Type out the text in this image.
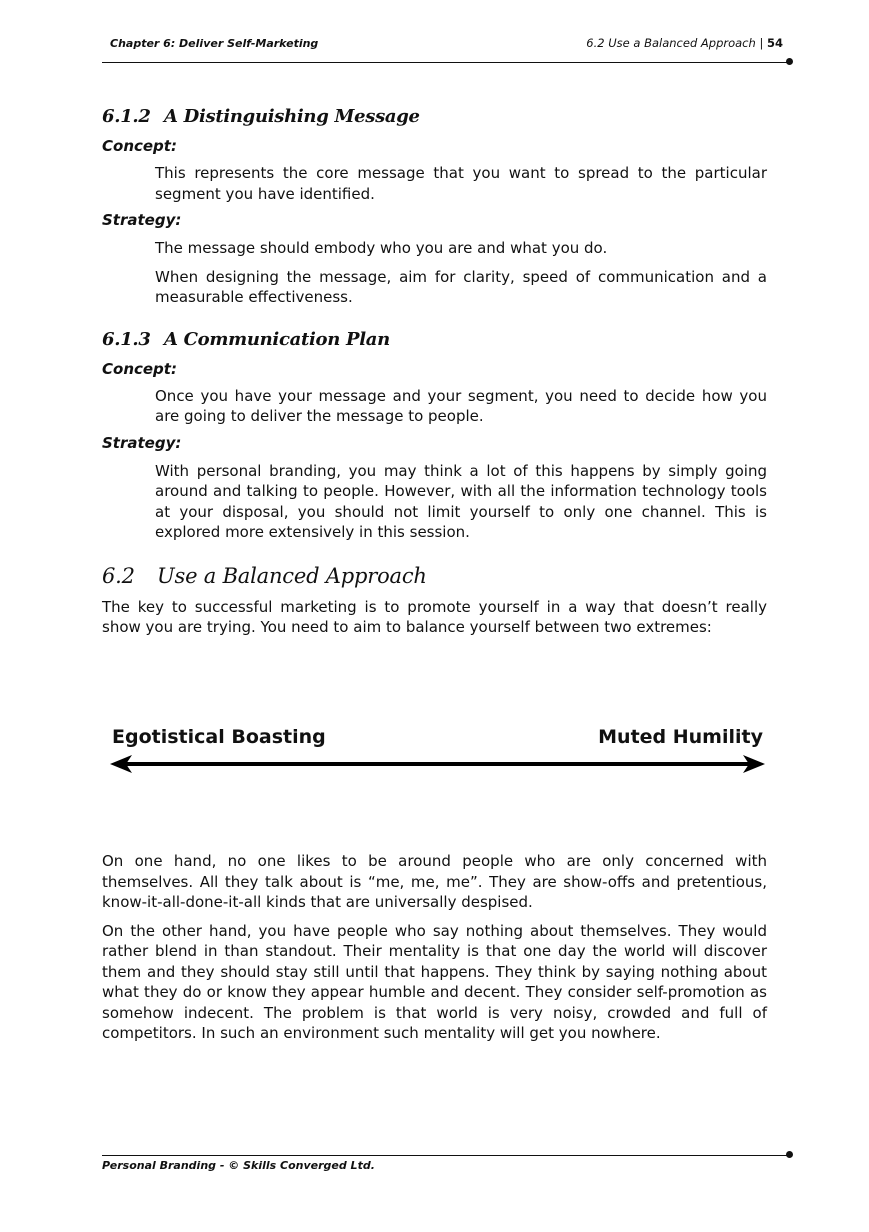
Chapter 6: Deliver Self-Marketing	6.2 Use a Balanced Approach | 54
6.1.2 A Distinguishing Message

Concept:

This represents the core message that you want to spread to the particular segment you have identified.

Strategy:

The message should embody who you are and what you do.

When designing the message, aim for clarity, speed of communication and a measurable effectiveness.

6.1.3 A Communication Plan

Concept:

Once you have your message and your segment, you need to decide how you are going to deliver the message to people.

Strategy:

With personal branding, you may think a lot of this happens by simply going around and talking to people. However, with all the information technology tools at your disposal, you should not limit yourself to only one channel. This is explored more extensively in this session.

6.2 Use a Balanced Approach

The key to successful marketing is to promote yourself in a way that doesn’t really show you are trying. You need to aim to balance yourself between two extremes:

Egotistical Boasting	Muted Humility

On one hand, no one likes to be around people who are only concerned with themselves. All they talk about is “me, me, me”. They are show-offs and pretentious, know-it-all-done-it-all kinds that are universally despised.

On the other hand, you have people who say nothing about themselves. They would rather blend in than standout. Their mentality is that one day the world will discover them and they should stay still until that happens. They think by saying nothing about what they do or know they appear humble and decent. They consider self-promotion as somehow indecent. The problem is that world is very noisy, crowded and full of competitors. In such an environment such mentality will get you nowhere.

Personal Branding - © Skills Converged Ltd.
